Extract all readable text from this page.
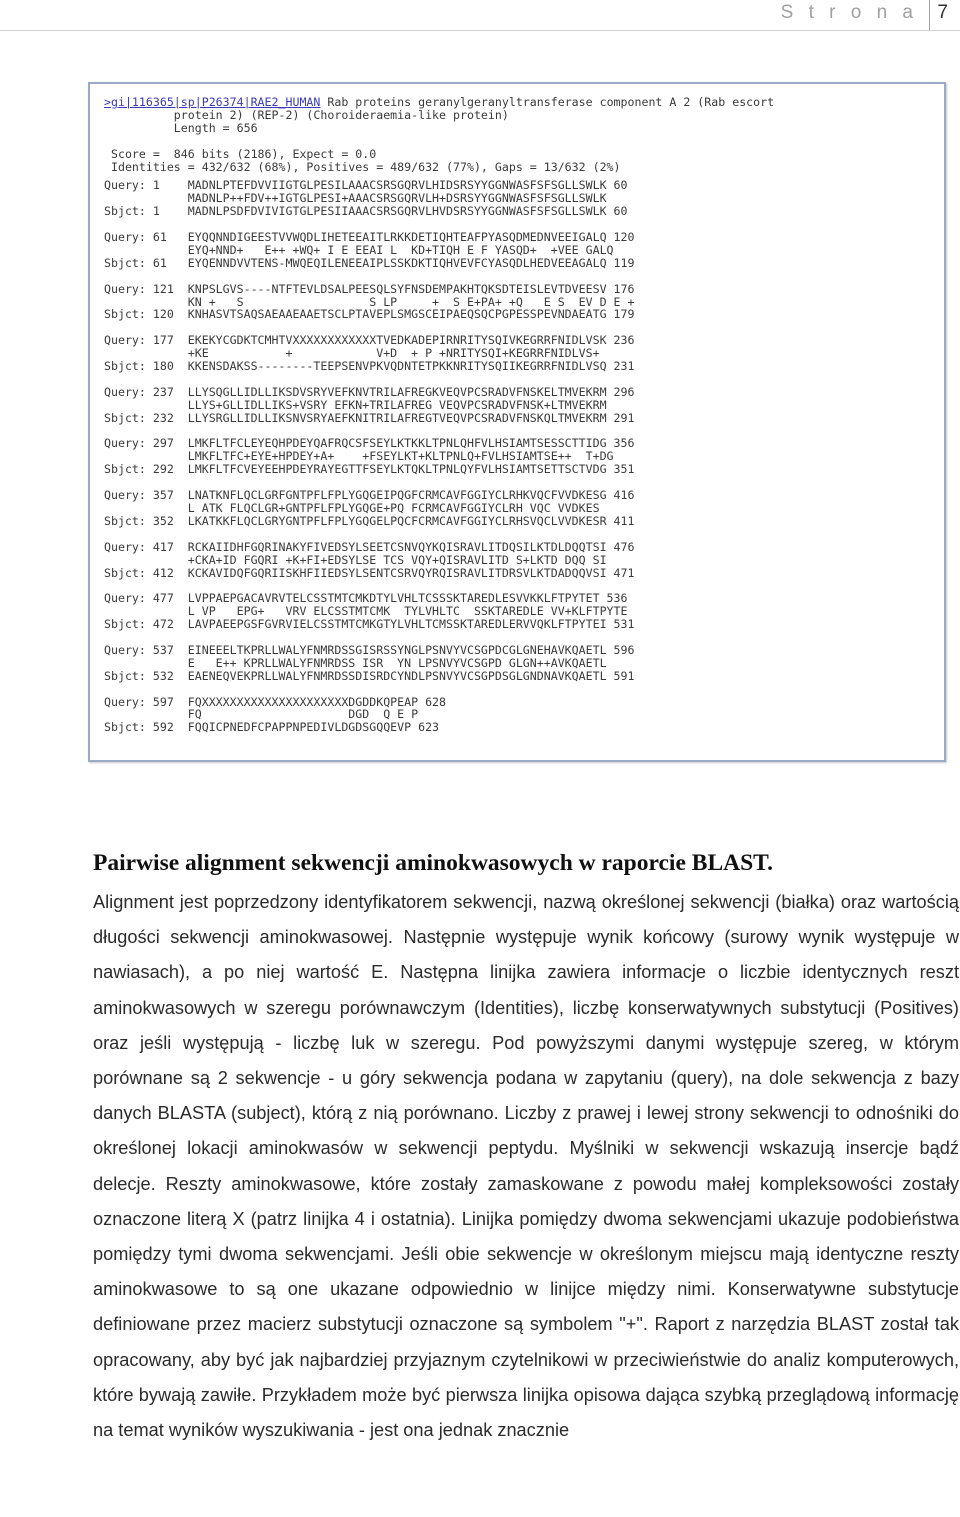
S t r o n a 7
>gi|116365|sp|P26374|RAE2_HUMAN Rab proteins geranylgeranyltransferase component A 2 (Rab escort
protein 2) (REP-2) (Choroideraemia-like protein)
Length = 656
Score =  846 bits (2186), Expect = 0.0
Identities = 432/632 (68%), Positives = 489/632 (77%), Gaps = 13/632 (2%)
Query: 1    MADNLPTEFDVVIIGTGLPESILAAACSRSGQRVLHIDSRSYYGGNWASFSFSGLLSWLK 60
MADNLP++FDV++IGTGLPESI+AAACSRSGQRVLH+DSRSYYGGNWASFSFSGLLSWLK
Sbjct: 1    MADNLPSDFDVIVIGTGLPESIIAAACSRSGQRVLHVDSRSYYGGNWASFSFSGLLSWLK 60
Query: 61   EYQQNNDIGEESTVVWQDLIHETEEAITLRKKDETIQHTEAFPYASQDMEDNVEEIGALQ 120
EYQ+NND+   E++ +WQ+ I E EEAI L  KD+TIQH E F YASQD+  +VEE GALQ
Sbjct: 61   EYQENNDVVTENS-MWQEQILENEEAIPLSSKDKTIQHVEVFCYASQDLHEDVEEAGALQ 119
Query: 121  KNPSLGVS----NTFTEVLDSALPEESQLSYFNSDEMPAKHTQKSDTEISLEVTDVEESV 176
KN +   S                  S LP     +  S E+PA+ +Q   E S  EV D E +
Sbjct: 120  KNHASVTSAQSAEAAEAAETSCLPTAVEPLSMGSCEIPAEQSQCPGPESSPEVNDAEATG 179
Query: 177  EKEKYCGDKTCMHTVXXXXXXXXXXXXTVEDKADEPIRNRITYSQIVKEGRRFNIDLVSK 236
+KE           +            V+D  + P +NRITYSQI+KEGRRFNIDLVS+
Sbjct: 180  KKENSDAKSS--------TEEPSENVPKVQDNTETPKKNRITYSQIIKEGRRFNIDLVSQ 231
Query: 237  LLYSQGLLIDLLIKSDVSRYVEFKNVTRILAFREGKVEQVPCSRADVFNSKELTMVEKRM 296
LLYS+GLLIDLLIKS+VSRY EFKN+TRILAFREG VEQVPCSRADVFNSK+LTMVEKRM
Sbjct: 232  LLYSRGLLIDLLIKSNVSRYAEFKNITRILAFREGTVEQVPCSRADVFNSKQLTMVEKRM 291
Query: 297  LMKFLTFCLEYEQHPDEYQAFRQCSFSEYLKTKKLTPNLQHFVLHSIAMTSESSCTTIDG 356
LMKFLTFC+EYE+HPDEY+A+    +FSEYLKT+KLTPNLQ+FVLHSIAMTSE++  T+DG
Sbjct: 292  LMKFLTFCVEYEEHPDEYRAYEGTTFSEYLKTQKLTPNLQYFVLHSIAMTSETTSCTVDG 351
Query: 357  LNATKNFLQCLGRFGNTPFLFPLYGQGEIPQGFCRMCAVFGGIYCLRHKVQCFVVDKESG 416
L ATK FLQCLGR+GNTPFLFPLYGQGE+PQ FCRMCAVFGGIYCLRH VQC VVDKES
Sbjct: 352  LKATKKFLQCLGRYGNTPFLFPLYGQGELPQCFCRMCAVFGGIYCLRHSVQCLVVDKESR 411
Query: 417  RCKAIIDHFGQRINAKYFIVEDSYLSEETCSNVQYKQISRAVLITDQSILKTDLDQQTSI 476
+CKA+ID FGQRI +K+FI+EDSYLSE TCS VQY+QISRAVLITD S+LKTD DQQ SI
Sbjct: 412  KCKAVIDQFGQRIISKHFIIEDSYLSENTCSRVQYRQISRAVLITDRSVLKTDADQQVSI 471
Query: 477  LVPPAEPGACAVRVTELCSSTMTCMKDTYLVHLTCSSSKTAREDLESVVKKLFTPYTET 536
L VP   EPG+   VRV ELCSSTMTCMK  TYLVHLTC  SSKTAREDLE VV+KLFTPYTE
Sbjct: 472  LAVPAEEPGSFGVRVIELCSSTMTCMKGTYLVHLTCMSSKTAREDLERVVQKLFTPYTEI 531
Query: 537  EINEEELTKPRLLWALYFNMRDSSGISRSSYNGLPSNVYVCSGPDCGLGNEHAVKQAETL 596
E   E++ KPRLLWALYFNMRDSS ISR  YN LPSNVYVCSGPD GLGN++AVKQAETL
Sbjct: 532  EAENEQVEKPRLLWALYFNMRDSSDISRDCYNDLPSNVYVCSGPDSGLGNDNAVKQAETL 591
Query: 597  FQXXXXXXXXXXXXXXXXXXXXXDGDDKQPEAP 628
FQ                     DGD  Q E P
Sbjct: 592  FQQICPNEDFCPAPPNPEDIVLDGDSGQQEVP 623
Pairwise alignment sekwencji aminokwasowych w raporcie BLAST.

Alignment jest poprzedzony identyfikatorem sekwencji, nazwą określonej sekwencji (białka) oraz wartością długości sekwencji aminokwasowej. Następnie występuje wynik końcowy (surowy wynik występuje w nawiasach), a po niej wartość E. Następna linijka zawiera informacje o liczbie identycznych reszt aminokwasowych w szeregu porównawczym (Identities), liczbę konserwatywnych substytucji (Positives) oraz jeśli występują - liczbę luk w szeregu. Pod powyższymi danymi występuje szereg, w którym porównane są 2 sekwencje - u góry sekwencja podana w zapytaniu (query), na dole sekwencja z bazy danych BLASTA (subject), którą z nią porównano. Liczby z prawej i lewej strony sekwencji to odnośniki do określonej lokacji aminokwasów w sekwencji peptydu. Myślniki w sekwencji wskazują insercje bądź delecje. Reszty aminokwasowe, które zostały zamaskowane z powodu małej kompleksowości zostały oznaczone literą X (patrz linijka 4 i ostatnia). Linijka pomiędzy dwoma sekwencjami ukazuje podobieństwa pomiędzy tymi dwoma sekwencjami. Jeśli obie sekwencje w określonym miejscu mają identyczne reszty aminokwasowe to są one ukazane odpowiednio w linijce między nimi. Konserwatywne substytucje definiowane przez macierz substytucji oznaczone są symbolem "+". Raport z narzędzia BLAST został tak opracowany, aby być jak najbardziej przyjaznym czytelnikowi w przeciwieństwie do analiz komputerowych, które bywają zawiłe. Przykładem może być pierwsza linijka opisowa dająca szybką przeglądową informację na temat wyników wyszukiwania - jest ona jednak znacznie
